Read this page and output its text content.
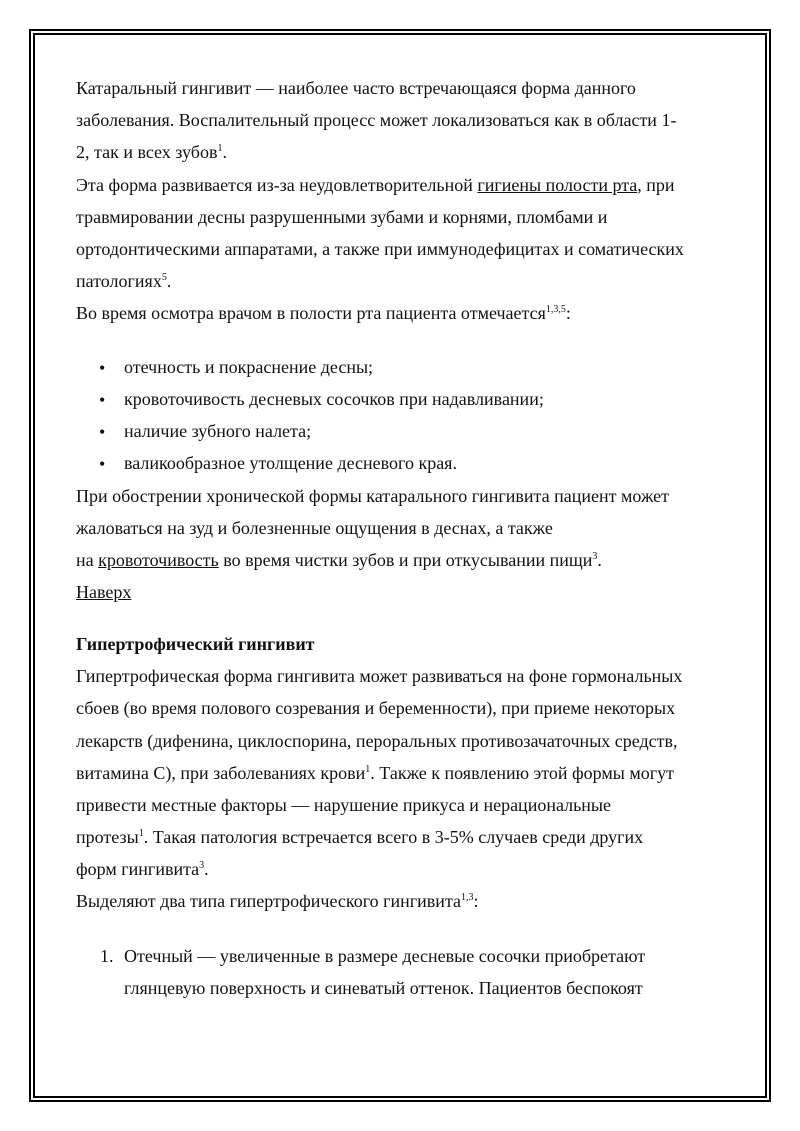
Катаральный гингивит — наиболее часто встречающаяся форма данного

заболевания. Воспалительный процесс может локализоваться как в области 1-

2, так и всех зубов$^1$.

Эта форма развивается из-за неудовлетворительной гигиены полости рта, при

травмировании десны разрушенными зубами и корнями, пломбами и

ортодонтическими аппаратами, а также при иммунодефицитах и соматических

патологиях$^5$.

Во время осмотра врачом в полости рта пациента отмечается$^{1,3,5}$:

• отечность и покраснение десны;

• кровоточивость десневых сосочков при надавливании;

• наличие зубного налета;

• валикообразное утолщение десневого края.

При обострении хронической формы катарального гингивита пациент может

жаловаться на зуд и болезненные ощущения в деснах, а также

на кровоточивость во время чистки зубов и при откусывании пищи$^3$.

Наверх

Гипертрофический гингивит

Гипертрофическая форма гингивита может развиваться на фоне гормональных

сбоев (во время полового созревания и беременности), при приеме некоторых

лекарств (дифенина, циклоспорина, пероральных противозачаточных средств,

витамина С), при заболеваниях крови$^1$. Также к появлению этой формы могут

привести местные факторы — нарушение прикуса и нерациональные

протезы$^1$. Такая патология встречается всего в 3-5% случаев среди других

форм гингивита$^3$.

Выделяют два типа гипертрофического гингивита$^{1,3}$:

1. Отечный — увеличенные в размере десневые сосочки приобретают

глянцевую поверхность и синеватый оттенок. Пациентов беспокоят
